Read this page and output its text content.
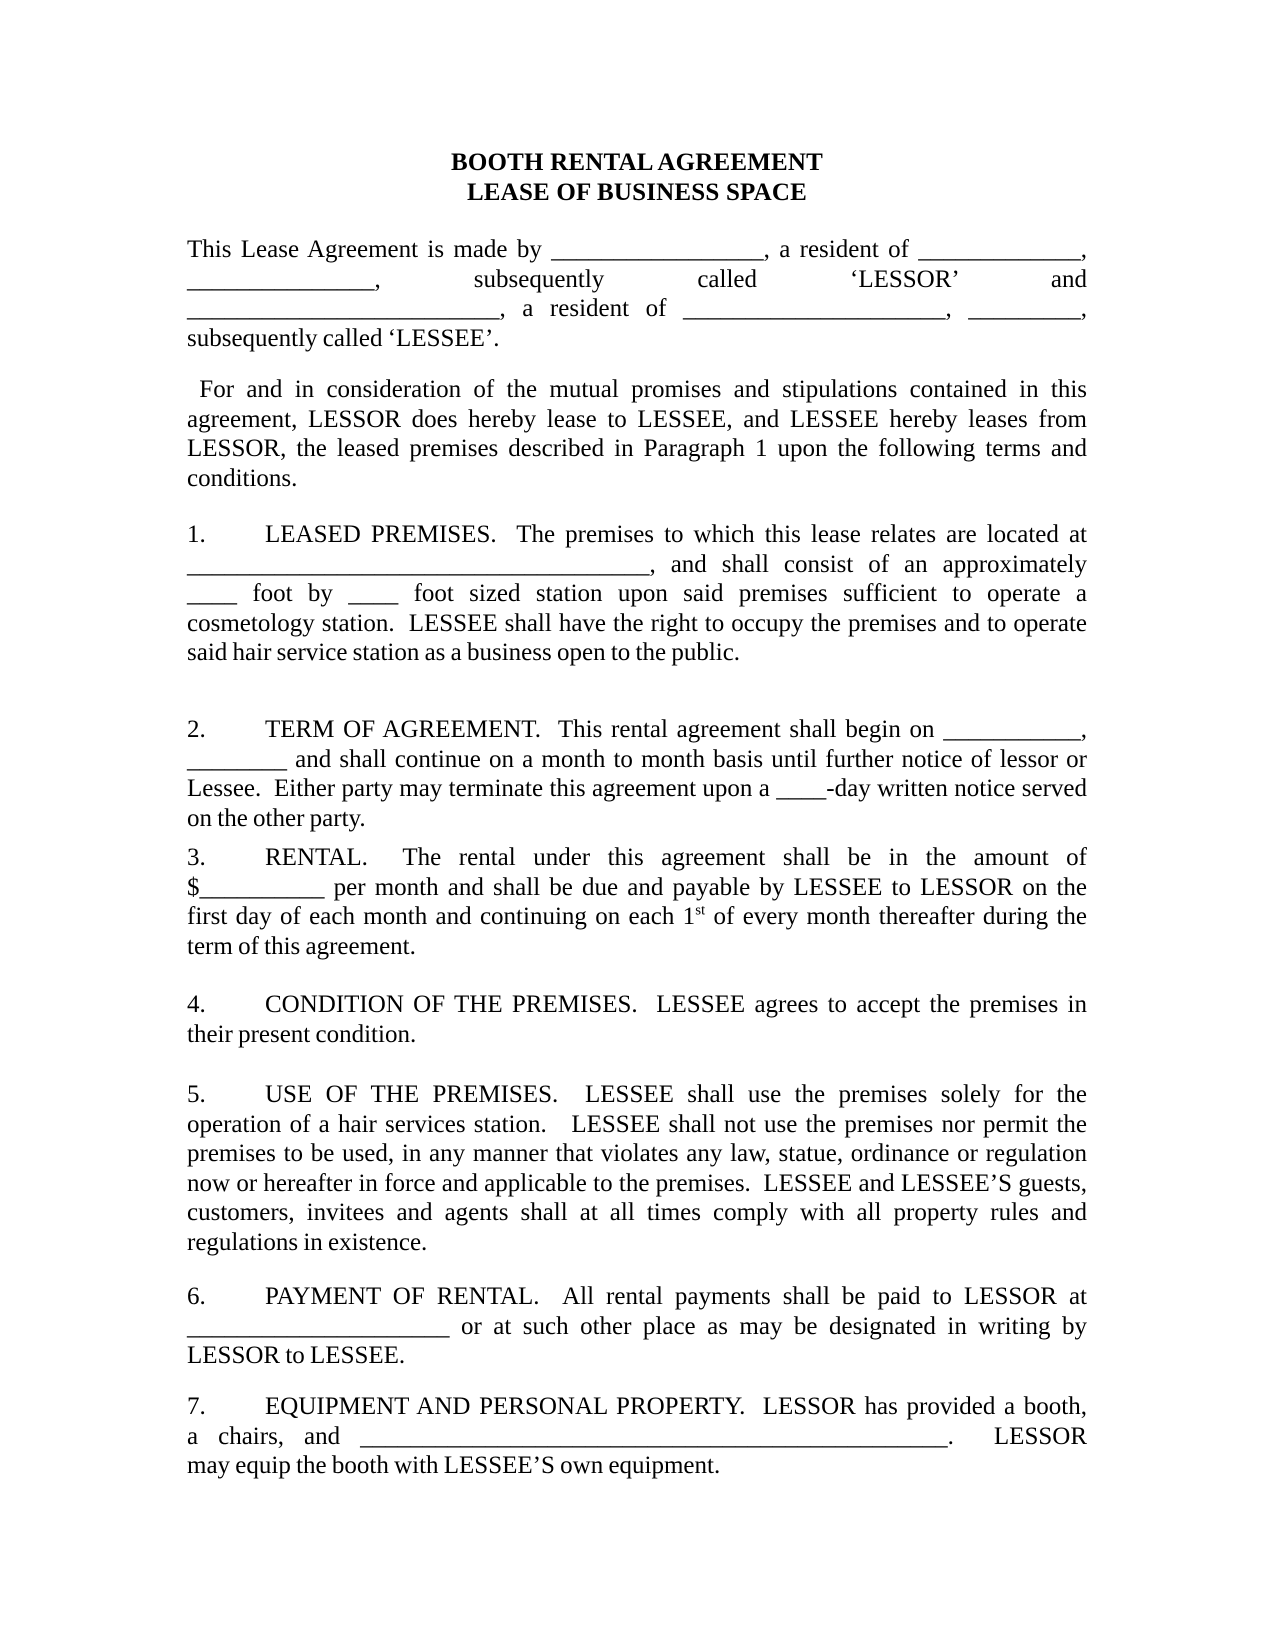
BOOTH RENTAL AGREEMENT
LEASE OF BUSINESS SPACE
This Lease Agreement is made by _________________, a resident of _____________,
_______________, subsequently called ‘LESSOR’ and
_________________________, a resident of _____________________, _________,
subsequently called ‘LESSEE’.
For and in consideration of the mutual promises and stipulations contained in this
agreement, LESSOR does hereby lease to LESSEE, and LESSEE hereby leases from
LESSOR, the leased premises described in Paragraph 1 upon the following terms and
conditions.
1.	LEASED PREMISES.  The premises to which this lease relates are located at
_____________________________________, and shall consist of an approximately
____ foot by ____ foot sized station upon said premises sufficient to operate a
cosmetology station.  LESSEE shall have the right to occupy the premises and to operate
said hair service station as a business open to the public.
2.	TERM OF AGREEMENT.  This rental agreement shall begin on ___________,
________ and shall continue on a month to month basis until further notice of lessor or
Lessee.  Either party may terminate this agreement upon a ____-day written notice served
on the other party.
3.	RENTAL.  The rental under this agreement shall be in the amount of
$__________ per month and shall be due and payable by LESSEE to LESSOR on the
first day of each month and continuing on each 1st of every month thereafter during the
term of this agreement.
4.	CONDITION OF THE PREMISES.  LESSEE agrees to accept the premises in
their present condition.
5.	USE OF THE PREMISES.  LESSEE shall use the premises solely for the
operation of a hair services station.   LESSEE shall not use the premises nor permit the
premises to be used, in any manner that violates any law, statue, ordinance or regulation
now or hereafter in force and applicable to the premises.  LESSEE and LESSEE’S guests,
customers, invitees and agents shall at all times comply with all property rules and
regulations in existence.
6.	PAYMENT OF RENTAL.  All rental payments shall be paid to LESSOR at
_____________________ or at such other place as may be designated in writing by
LESSOR to LESSEE.
7.	EQUIPMENT AND PERSONAL PROPERTY.  LESSOR has provided a booth,
a chairs, and _______________________________________________.  LESSOR
may equip the booth with LESSEE’S own equipment.
